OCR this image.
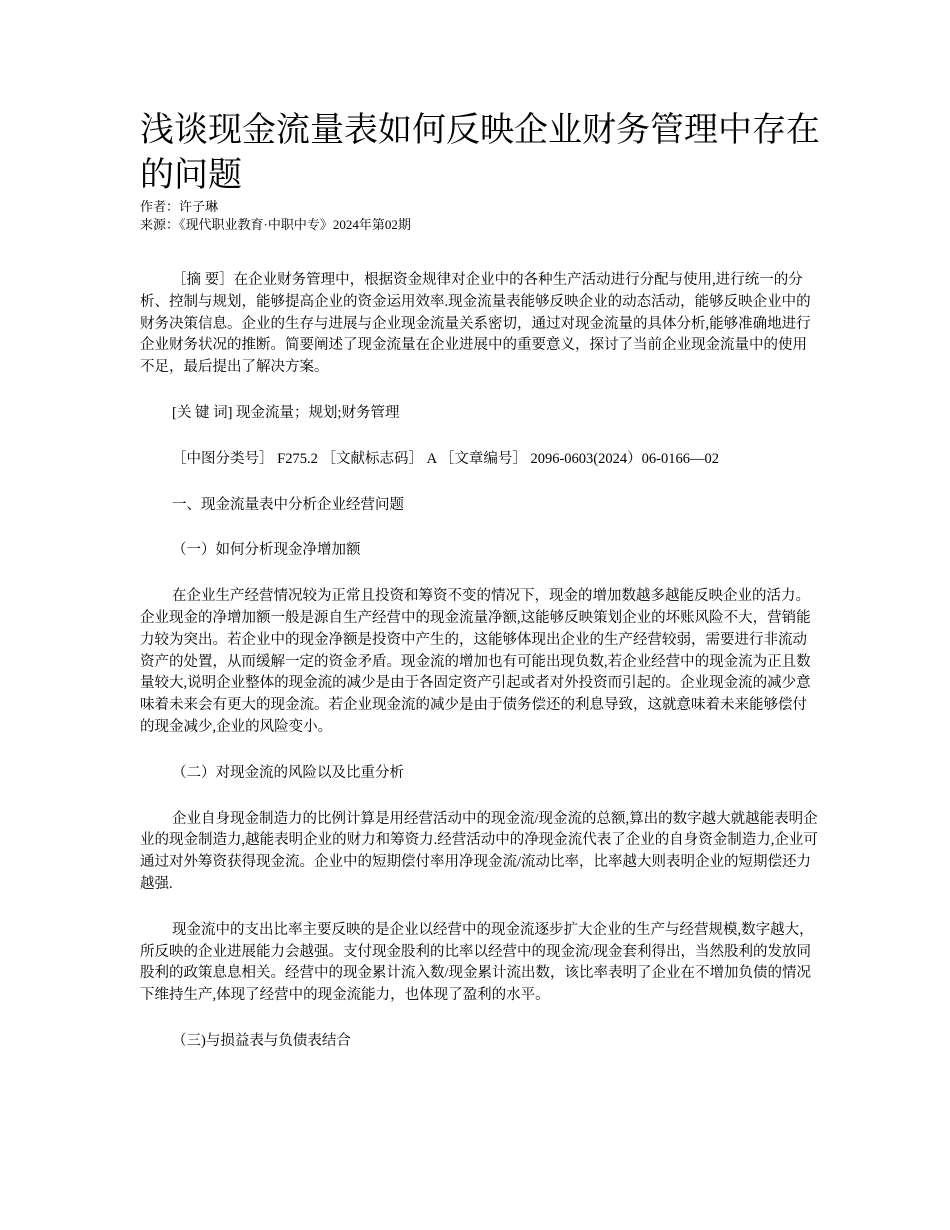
浅谈现金流量表如何反映企业财务管理中存在的问题
作者：许子琳
来源：《现代职业教育·中职中专》2024年第02期

［摘 要］在企业财务管理中，根据资金规律对企业中的各种生产活动进行分配与使用,进行统一的分析、控制与规划，能够提高企业的资金运用效率.现金流量表能够反映企业的动态活动，能够反映企业中的财务决策信息。企业的生存与进展与企业现金流量关系密切，通过对现金流量的具体分析,能够准确地进行企业财务状况的推断。简要阐述了现金流量在企业进展中的重要意义，探讨了当前企业现金流量中的使用不足，最后提出了解决方案。

[关 键 词] 现金流量；规划;财务管理

［中图分类号］ F275.2 ［文献标志码］ A ［文章编号］ 2096-0603(2024）06-0166—02

一、现金流量表中分析企业经营问题

（一）如何分析现金净增加额

在企业生产经营情况较为正常且投资和筹资不变的情况下，现金的增加数越多越能反映企业的活力。企业现金的净增加额一般是源自生产经营中的现金流量净额,这能够反映策划企业的坏账风险不大，营销能力较为突出。若企业中的现金净额是投资中产生的，这能够体现出企业的生产经营较弱，需要进行非流动资产的处置，从而缓解一定的资金矛盾。现金流的增加也有可能出现负数,若企业经营中的现金流为正且数量较大,说明企业整体的现金流的减少是由于各固定资产引起或者对外投资而引起的。企业现金流的减少意味着未来会有更大的现金流。若企业现金流的减少是由于债务偿还的利息导致，这就意味着未来能够偿付的现金减少,企业的风险变小。

（二）对现金流的风险以及比重分析

企业自身现金制造力的比例计算是用经营活动中的现金流/现金流的总额,算出的数字越大就越能表明企业的现金制造力,越能表明企业的财力和筹资力.经营活动中的净现金流代表了企业的自身资金制造力,企业可通过对外筹资获得现金流。企业中的短期偿付率用净现金流/流动比率，比率越大则表明企业的短期偿还力越强.

现金流中的支出比率主要反映的是企业以经营中的现金流逐步扩大企业的生产与经营规模,数字越大，所反映的企业进展能力会越强。支付现金股利的比率以经营中的现金流/现金套利得出，当然股利的发放同股利的政策息息相关。经营中的现金累计流入数/现金累计流出数，该比率表明了企业在不增加负债的情况下维持生产,体现了经营中的现金流能力，也体现了盈利的水平。

（三)与损益表与负债表结合
